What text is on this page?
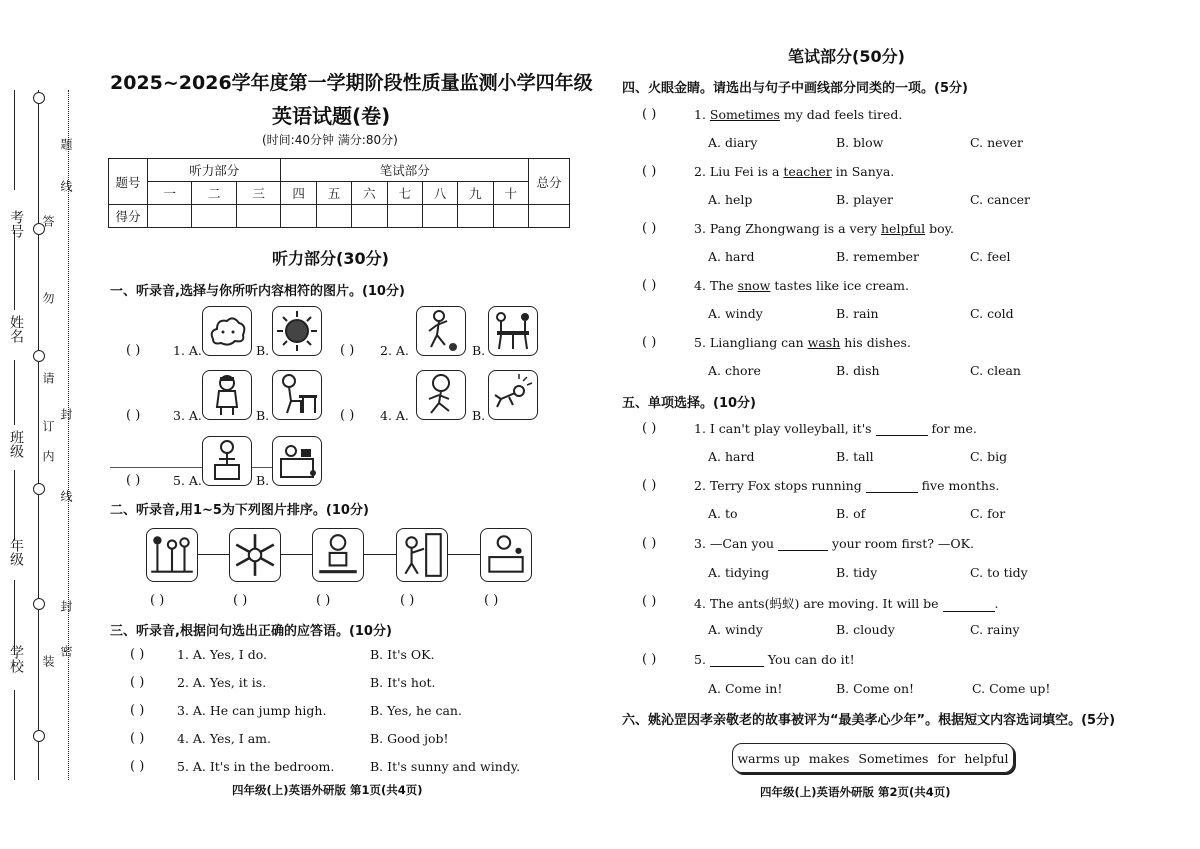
考号
姓名
班级
年级
学校
题
线
答
勿
请
封
内
线
封
密
订
装
2025~2026学年度第一学期阶段性质量监测小学四年级
英语试题(卷)
(时间:40分钟 满分:80分)
题号	听力部分			笔试部分							总分
	一	二	三	四	五	六	七	八	九	十	
得分											
听力部分(30分)
一、听录音,选择与你所听内容相符的图片。(10分)
( )	1. A.	B.	( ) 2. A.	B.
( )	3. A.	B.	( ) 4. A.	B.
( )	5. A.	B.
二、听录音,用1~5为下列图片排序。(10分)
( )	( )	( )	( )	( )
三、听录音,根据问句选出正确的应答语。(10分)
( )	1. A. Yes, I do.	B. It's OK.
( )	2. A. Yes, it is.	B. It's hot.
( )	3. A. He can jump high.	B. Yes, he can.
( )	4. A. Yes, I am.	B. Good job!
( )	5. A. It's in the bedroom.	B. It's sunny and windy.
四年级(上)英语外研版 第1页(共4页)
笔试部分(50分)
四、火眼金睛。请选出与句子中画线部分同类的一项。(5分)
( )	1. Sometimes my dad feels tired.
A. diary	B. blow	C. never
( )	2. Liu Fei is a teacher in Sanya.
A. help	B. player	C. cancer
( )	3. Pang Zhongwang is a very helpful boy.
A. hard	B. remember	C. feel
( )	4. The snow tastes like ice cream.
A. windy	B. rain	C. cold
( )	5. Liangliang can wash his dishes.
A. chore	B. dish	C. clean
五、单项选择。(10分)
( )	1. I can't play volleyball, it's	for me.
A. hard	B. tall	C. big
( )	2. Terry Fox stops running	five months.
A. to	B. of	C. for
( )	3. —Can you	your room first? —OK.
A. tidying	B. tidy	C. to tidy
( )	4. The ants(蚂蚁) are moving. It will be	.
A. windy	B. cloudy	C. rainy
( )	5.	You can do it!
A. Come in!	B. Come on!	C. Come up!
六、姚沁罡因孝亲敬老的故事被评为“最美孝心少年”。根据短文内容选词填空。(5分)
warms up makes Sometimes for helpful
四年级(上)英语外研版 第2页(共4页)
